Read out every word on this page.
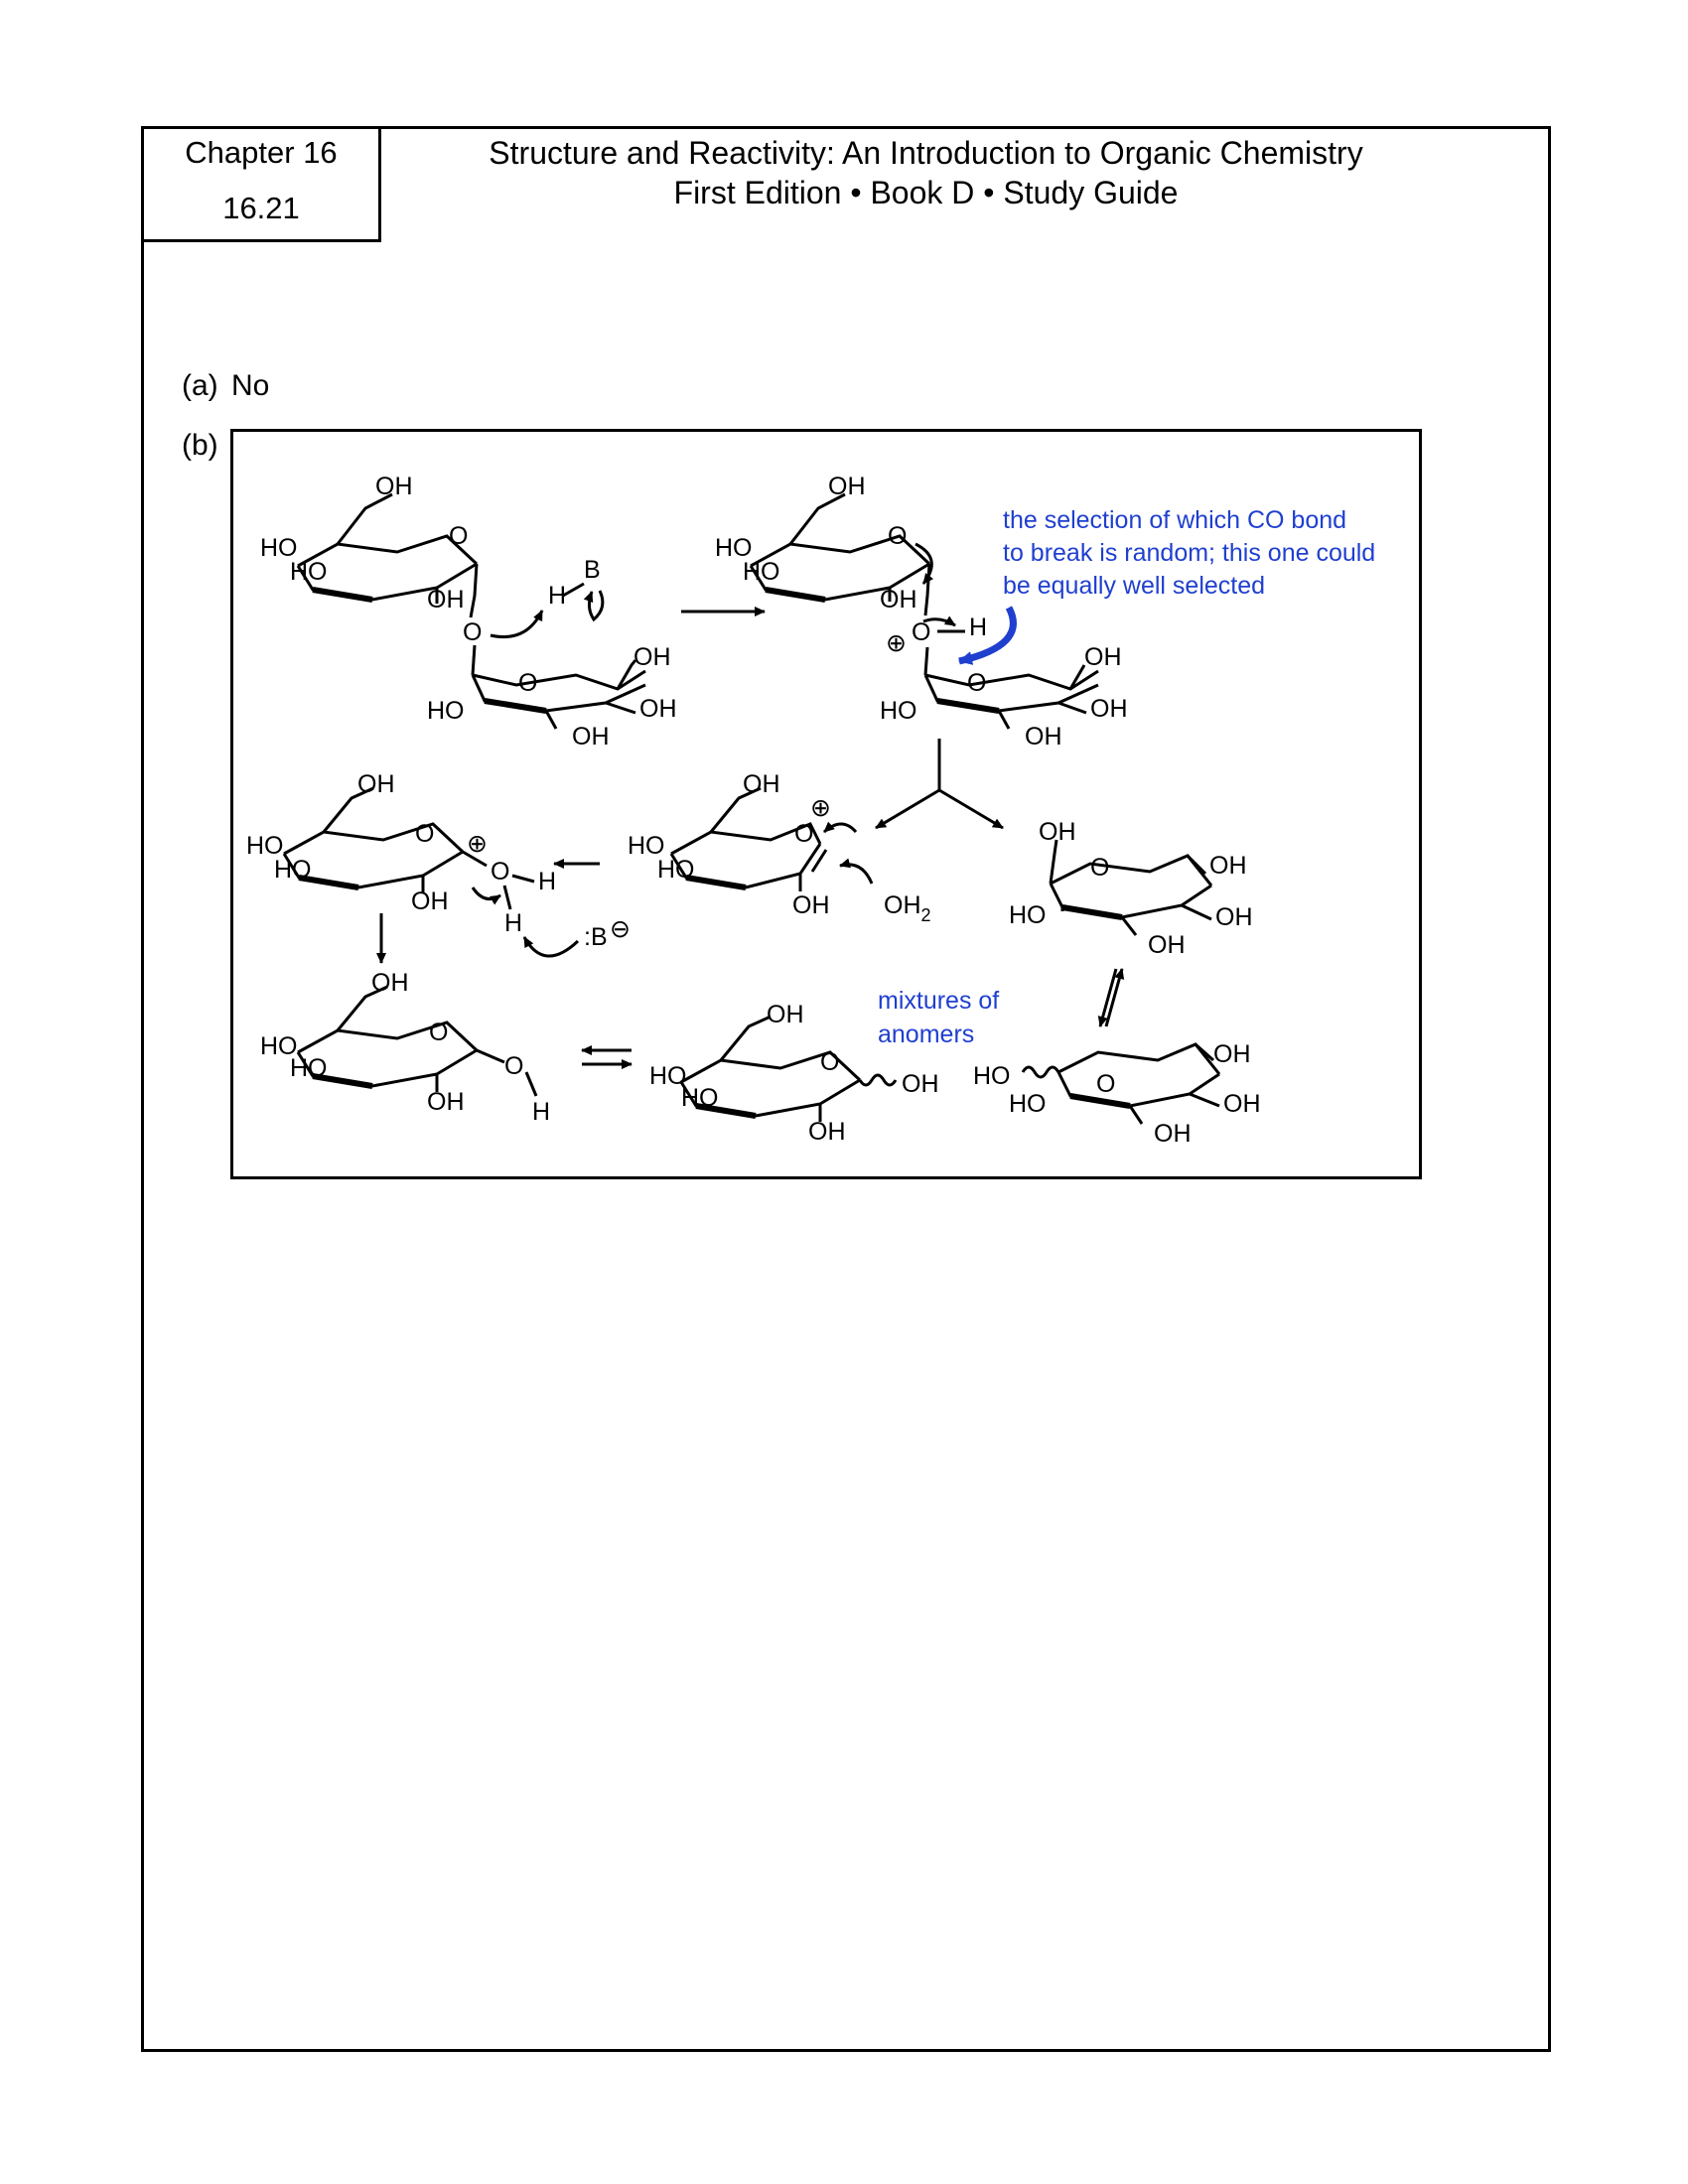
Chapter 16
16.21
Structure and Reactivity: An Introduction to Organic Chemistry
First Edition • Book D • Study Guide
(a) No
(b)
OH
O
HO
HO
OH
O
H
B
O
OH
HO	OH
OH
OH
O
HO
HO
OH
O H
⊕
O
OH
HO	OH
OH
the selection of which CO bond
to break is random; this one could
be equally well selected
OH
O
⊕
HO
HO
OH $OH_2$
OH
O
HO
HO
OH
O
⊕
H
H :B ⊖
OH
O
HO
HO
OH
O
H
OH
O
HO
HO
OH
OH
mixtures of
anomers
OH
O	OH
HO	OH
OH
HO	O
OH
HO	OH
OH
